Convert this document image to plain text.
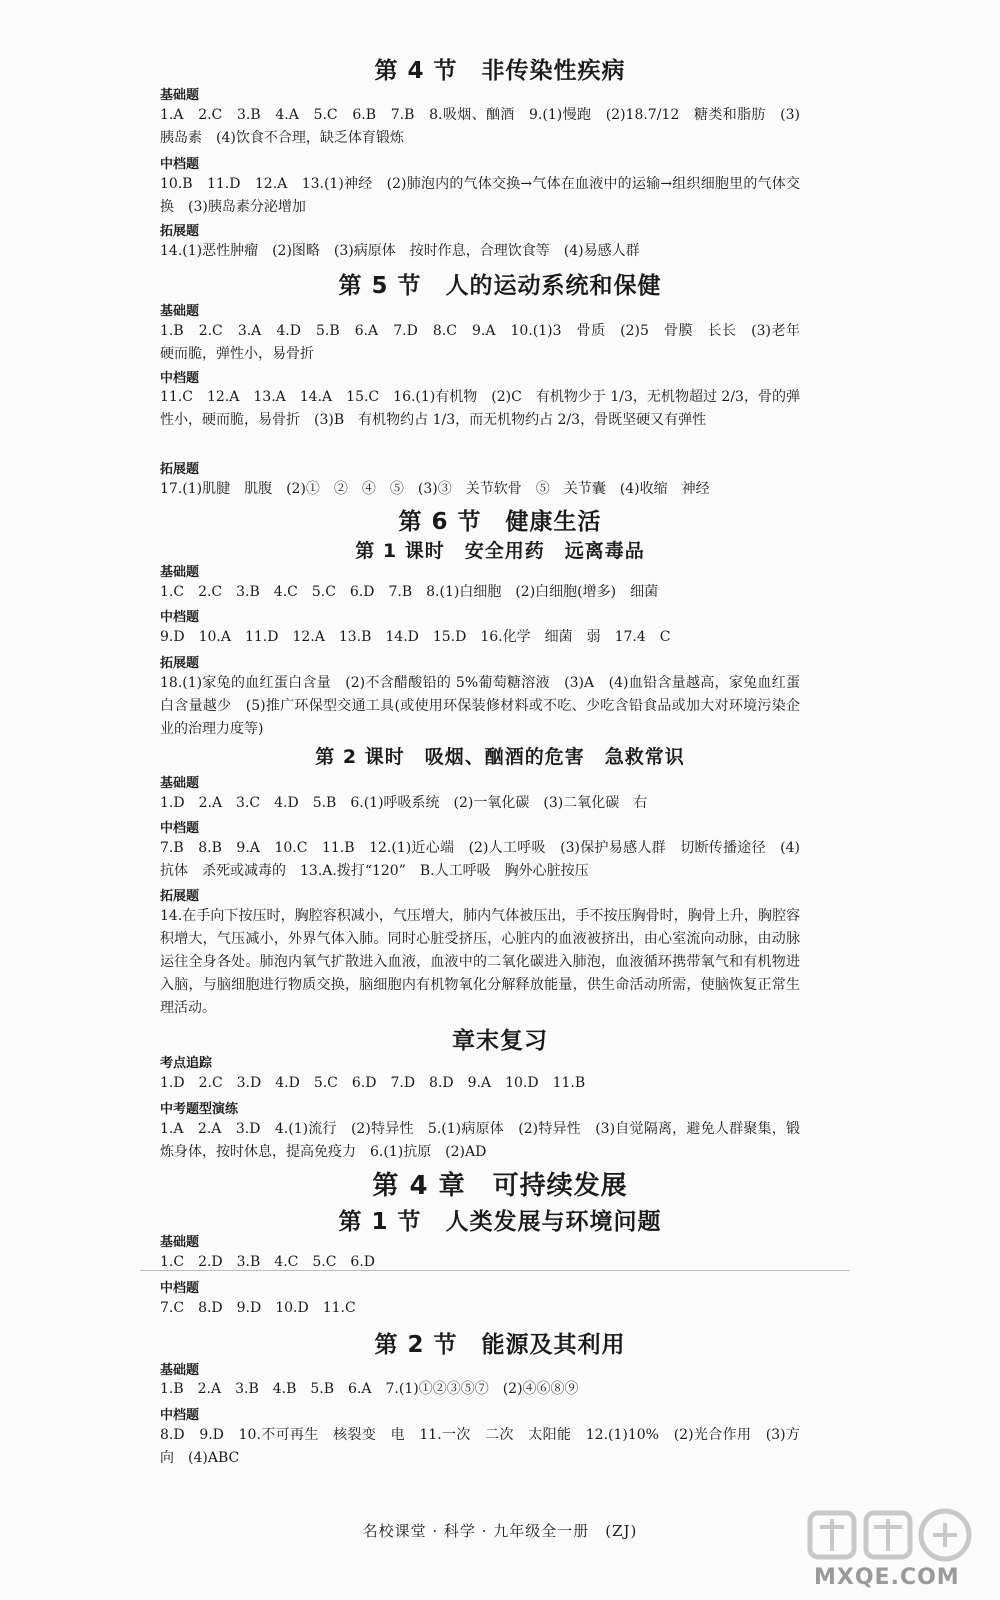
第 4 节　非传染性疾病
基础题
1.A　2.C　3.B　4.A　5.C　6.B　7.B　8.吸烟、酗酒　9.(1)慢跑　(2)18.7/12　糖类和脂肪　(3)胰岛素　(4)饮食不合理，缺乏体育锻炼
中档题
10.B　11.D　12.A　13.(1)神经　(2)肺泡内的气体交换→气体在血液中的运输→组织细胞里的气体交换　(3)胰岛素分泌增加
拓展题
14.(1)恶性肿瘤　(2)图略　(3)病原体　按时作息，合理饮食等　(4)易感人群
第 5 节　人的运动系统和保健
基础题
1.B　2.C　3.A　4.D　5.B　6.A　7.D　8.C　9.A　10.(1)3　骨质　(2)5　骨膜　长长　(3)老年　硬而脆，弹性小，易骨折
中档题
11.C　12.A　13.A　14.A　15.C　16.(1)有机物　(2)C　有机物少于 1/3，无机物超过 2/3，骨的弹性小，硬而脆，易骨折　(3)B　有机物约占 1/3，而无机物约占 2/3，骨既坚硬又有弹性
拓展题
17.(1)肌腱　肌腹　(2)①　②　④　⑤　(3)③　关节软骨　⑤　关节囊　(4)收缩　神经
第 6 节　健康生活
第 1 课时　安全用药　远离毒品
基础题
1.C　2.C　3.B　4.C　5.C　6.D　7.B　8.(1)白细胞　(2)白细胞(增多)　细菌
中档题
9.D　10.A　11.D　12.A　13.B　14.D　15.D　16.化学　细菌　弱　17.4　C
拓展题
18.(1)家兔的血红蛋白含量　(2)不含醋酸铅的 5%葡萄糖溶液　(3)A　(4)血铅含量越高，家兔血红蛋白含量越少　(5)推广环保型交通工具(或使用环保装修材料或不吃、少吃含铅食品或加大对环境污染企业的治理力度等)
第 2 课时　吸烟、酗酒的危害　急救常识
基础题
1.D　2.A　3.C　4.D　5.B　6.(1)呼吸系统　(2)一氧化碳　(3)二氧化碳　右
中档题
7.B　8.B　9.A　10.C　11.B　12.(1)近心端　(2)人工呼吸　(3)保护易感人群　切断传播途径　(4)抗体　杀死或减毒的　13.A.拨打“120”　B.人工呼吸　胸外心脏按压
拓展题
14.在手向下按压时，胸腔容积减小，气压增大，肺内气体被压出，手不按压胸骨时，胸骨上升，胸腔容积增大，气压减小，外界气体入肺。同时心脏受挤压，心脏内的血液被挤出，由心室流向动脉，由动脉运往全身各处。肺泡内氧气扩散进入血液，血液中的二氧化碳进入肺泡，血液循环携带氧气和有机物进入脑，与脑细胞进行物质交换，脑细胞内有机物氧化分解释放能量，供生命活动所需，使脑恢复正常生理活动。
章末复习
考点追踪
1.D　2.C　3.D　4.D　5.C　6.D　7.D　8.D　9.A　10.D　11.B
中考题型演练
1.A　2.A　3.D　4.(1)流行　(2)特异性　5.(1)病原体　(2)特异性　(3)自觉隔离，避免人群聚集，锻炼身体，按时休息，提高免疫力　6.(1)抗原　(2)AD
第 4 章　可持续发展
第 1 节　人类发展与环境问题
基础题
1.C　2.D　3.B　4.C　5.C　6.D
中档题
7.C　8.D　9.D　10.D　11.C
第 2 节　能源及其利用
基础题
1.B　2.A　3.B　4.B　5.B　6.A　7.(1)①②③⑤⑦　(2)④⑥⑧⑨
中档题
8.D　9.D　10.不可再生　核裂变　电　11.一次　二次　太阳能　12.(1)10%　(2)光合作用　(3)方向　(4)ABC
名校课堂 · 科学 · 九年级全一册　(ZJ)
MXQE.COM
